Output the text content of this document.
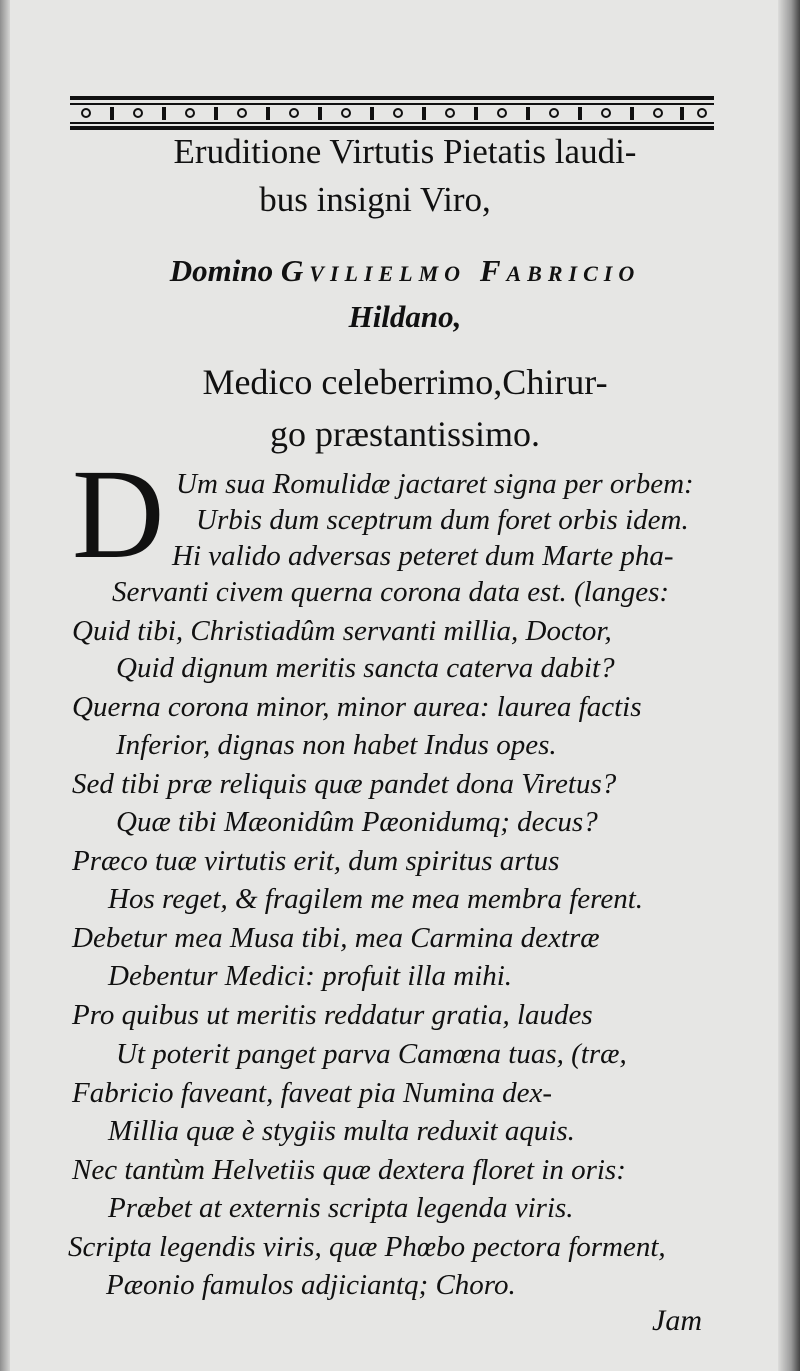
Eruditione Virtutis Pietatis laudi-
bus insigni Viro,
Domino Gvilielmo Fabricio
Hildano,
Medico celeberrimo,Chirur-
go præstantissimo.
D Um sua Romulidæ jactaret signa per orbem:
Urbis dum sceptrum dum foret orbis idem.
Hi valido adversas peteret dum Marte pha-
Servanti civem querna corona data est. (langes:
Quid tibi, Christiadûm servanti millia, Doctor,
Quid dignum meritis sancta caterva dabit?
Querna corona minor, minor aurea: laurea factis
Inferior, dignas non habet Indus opes.
Sed tibi præ reliquis quæ pandet dona Viretus?
Quæ tibi Mæonidûm Pæonidumq; decus?
Præco tuæ virtutis erit, dum spiritus artus
Hos reget, & fragilem me mea membra ferent.
Debetur mea Musa tibi, mea Carmina dextræ
Debentur Medici: profuit illa mihi.
Pro quibus ut meritis reddatur gratia, laudes
Ut poterit panget parva Camœna tuas, (træ,
Fabricio faveant, faveat pia Numina dex-
Millia quæ è stygiis multa reduxit aquis.
Nec tantùm Helvetiis quæ dextera floret in oris:
Præbet at externis scripta legenda viris.
Scripta legendis viris, quæ Phœbo pectora forment,
Pæonio famulos adjiciantq; Choro.
Jam
